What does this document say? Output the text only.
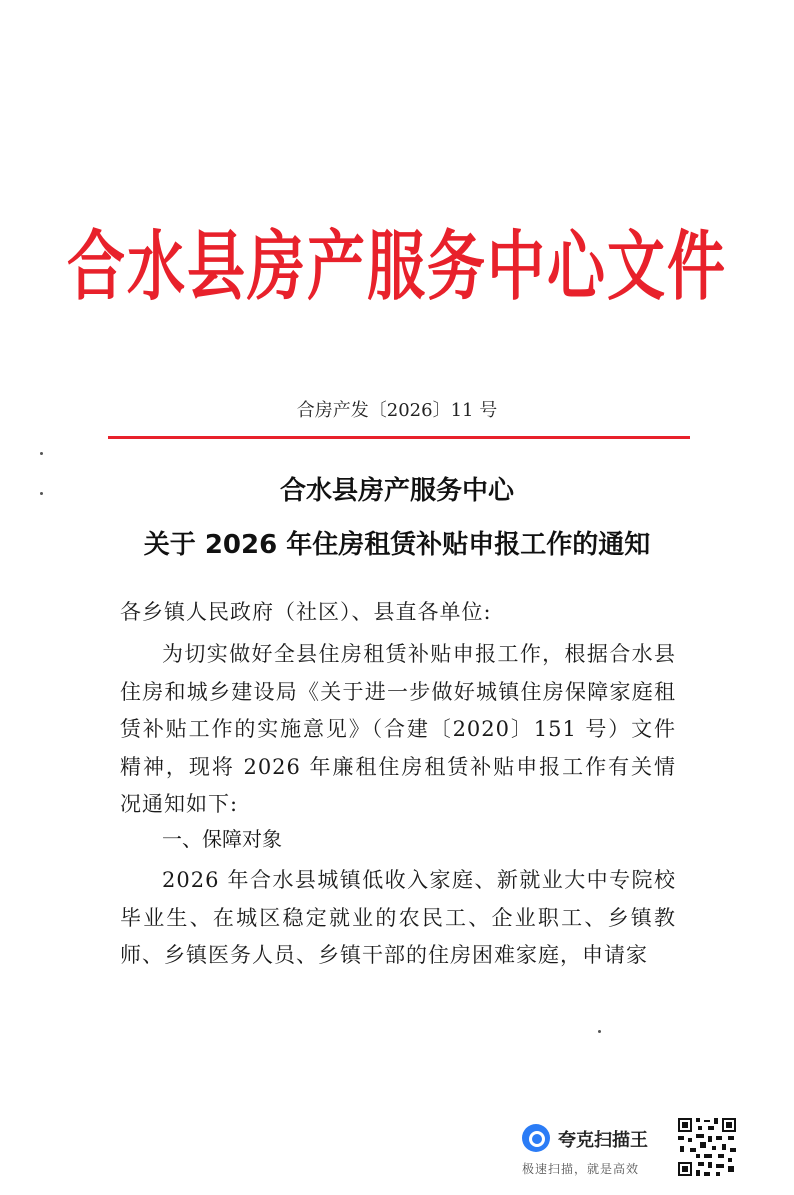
合水县房产服务中心文件
合房产发〔2026〕11 号
合水县房产服务中心
关于 2026 年住房租赁补贴申报工作的通知
各乡镇人民政府（社区）、县直各单位:

为切实做好全县住房租赁补贴申报工作，根据合水县住房和城乡建设局《关于进一步做好城镇住房保障家庭租赁补贴工作的实施意见》（合建〔2020〕151 号）文件精神，现将 2026 年廉租住房租赁补贴申报工作有关情况通知如下:

一、保障对象

2026 年合水县城镇低收入家庭、新就业大中专院校毕业生、在城区稳定就业的农民工、企业职工、乡镇教师、乡镇医务人员、乡镇干部的住房困难家庭，申请家

夸克扫描王
极速扫描，就是高效
